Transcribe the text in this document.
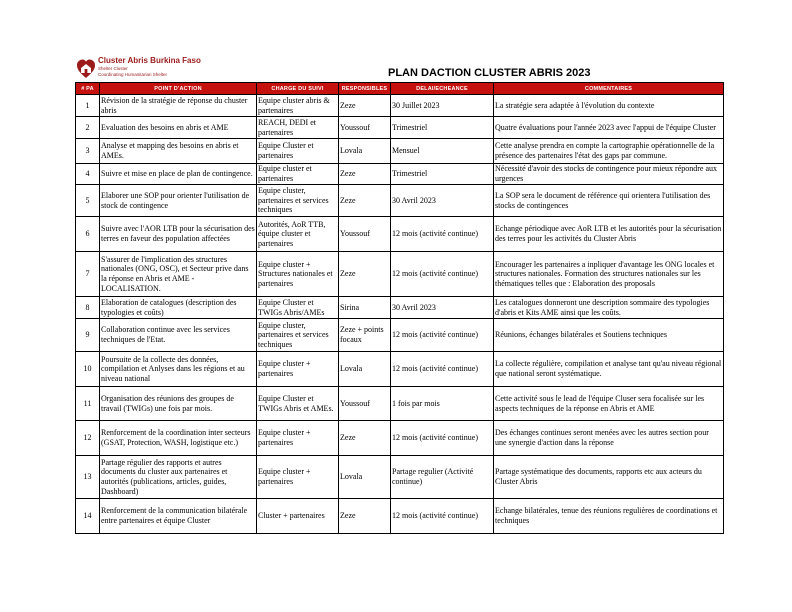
Cluster Abris Burkina Faso
Shelter Cluster
Coordinating Humanitarian Shelter	PLAN DACTION CLUSTER ABRIS 2023
# PA	POINT D'ACTION	CHARGE DU SUIVI	RESPONSIBLES	DELAI/ECHEANCE	COMMENTAIRES
1	Révision de la stratégie de réponse du chuster abris	Equipe cluster abris & partenaires	Zeze	30 Juillet 2023	La stratégie sera adaptée à l'évolution du contexte
2	Evaluation des besoins en abris et AME	REACH, DEDI et partenaires	Youssouf	Trimestriel	Quatre évaluations pour l'année 2023 avec l'appui de l'équipe Cluster
3	Analyse et mapping des besoins en abris et AMEs.	Equipe Cluster et partenaires	Lovala	Mensuel	Cette analyse prendra en compte la cartographie opérationnelle de la présence des partenaires l'état des gaps par commune.
4	Suivre et mise en place de plan de contingence.	Equipe cluster et partenaires	Zeze	Trimestriel	Nécessité d'avoir des stocks de contingence pour mieux répondre aux urgences
5	Elaborer une SOP pour orienter l'utilisation de stock de contingence	Equipe cluster, partenaires et services techniques	Zeze	30 Avril 2023	La SOP sera le document de référence qui orientera l'utilisation des stocks de contingences
6	Suivre avec l'AOR LTB pour la sécurisation des terres en faveur des population affectées	Autorités, AoR TTB, équipe cluster et partenaires	Youssouf	12 mois (activité continue)	Echange périodique avec AoR LTB et les autorités pour la sécurisation des terres pour les activités du Cluster Abris
7	S'assurer de l'implication des structures nationales (ONG, OSC), et Secteur prive dans la réponse en Abris et AME - LOCALISATION.	Equipe cluster + Structures nationales et partenaires	Zeze	12 mois (activité continue)	Encourager les partenaires a inpliquer d'avantage les ONG locales et structures nationales. Formation des structures nationales sur les thématiques telles que : Elaboration des proposals
8	Elaboration de catalogues (description des typologies et coûts)	Equipe Cluster et TWIGs Abris/AMEs	Sirina	30 Avril 2023	Les catalogues donneront une description sommaire des typologies d'abris et Kits AME ainsi que les coûts.
9	Collaboration continue avec les services techniques de l'Etat.	Equipe cluster, partenaires et services techniques	Zeze + points focaux	12 mois (activité continue)	Réunions, échanges bilatérales et Soutiens techniques
10	Poursuite de la collecte des données, compilation et Anlyses dans les régions et au niveau national	Equipe cluster + partenaires	Lovala	12 mois (activité continue)	La collecte régulière, compilation et analyse tant qu'au niveau régional que national seront systématique.
11	Organisation des réunions des groupes de travail (TWIGs) une fois par mois.	Equipe Cluster et TWIGs Abris et AMEs.	Youssouf	1 fois par mois	Cette activité sous le lead de l'équipe Cluser sera focalisée sur les aspects techniques de la réponse en Abris et AME
12	Renforcement de la coordination inter secteurs (GSAT, Protection, WASH, logistique etc.)	Equipe cluster + partenaires	Zeze	12 mois (activité continue)	Des échanges continues seront menées avec les autres section pour une synergie d'action dans la réponse
13	Partage régulier des rapports et autres documents du cluster aux partenaires et autorités (publications, articles, guides, Dashboard)	Equipe cluster + partenaires	Lovala	Partage regulier (Activité continue)	Partage systématique des documents, rapports etc aux acteurs du Cluster Abris
14	Renforcement de la communication bilatérale entre partenaires et équipe Cluster	Cluster + partenaires	Zeze	12 mois (activité continue)	Echange bilatérales, tenue des réunions regulières de coordinations et techniques
